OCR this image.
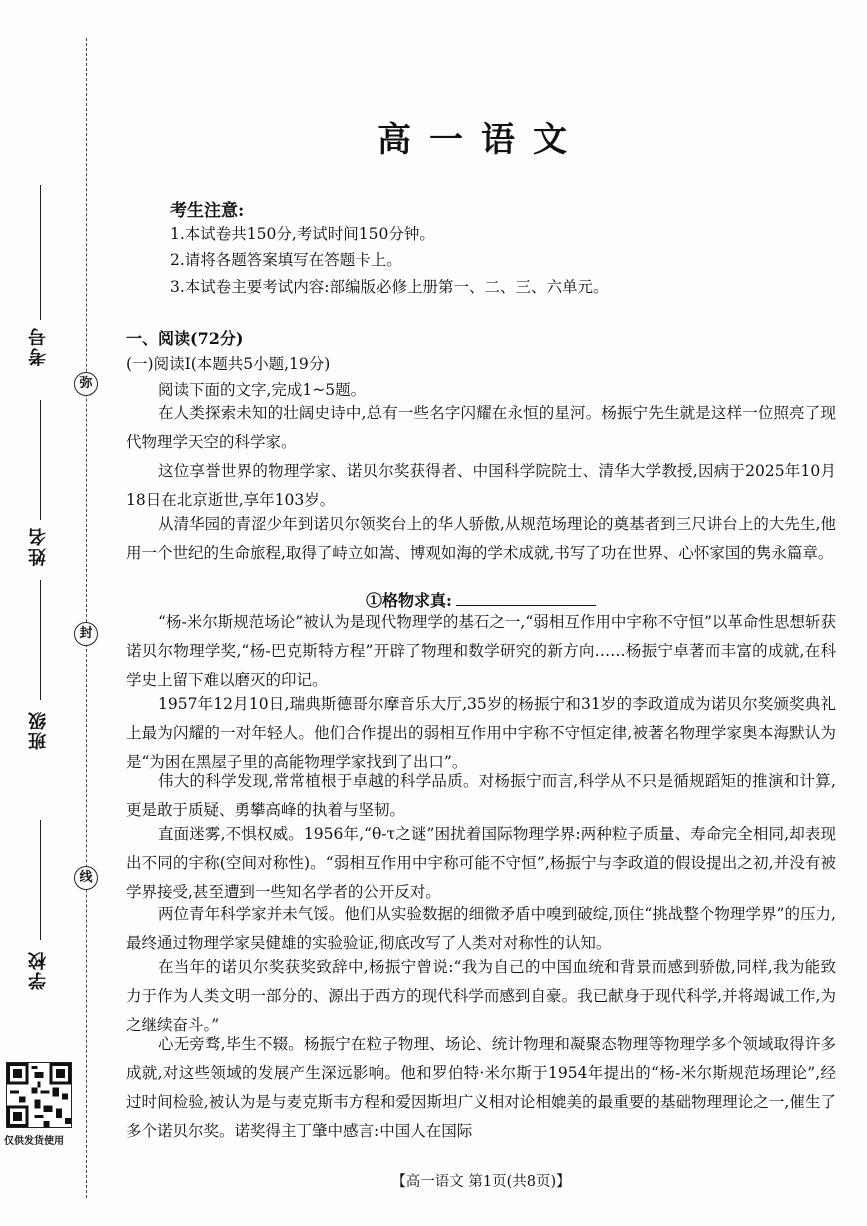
考号
姓名
班级
学校
弥
封
线
仅供发货使用
高一语文
考生注意:
1.本试卷共150分,考试时间150分钟。
2.请将各题答案填写在答题卡上。
3.本试卷主要考试内容:部编版必修上册第一、二、三、六单元。
一、阅读(72分)
(一)阅读Ⅰ(本题共5小题,19分)
阅读下面的文字,完成1~5题。

在人类探索未知的壮阔史诗中,总有一些名字闪耀在永恒的星河。杨振宁先生就是这样一位照亮了现代物理学天空的科学家。

这位享誉世界的物理学家、诺贝尔奖获得者、中国科学院院士、清华大学教授,因病于2025年10月18日在北京逝世,享年103岁。

从清华园的青涩少年到诺贝尔领奖台上的华人骄傲,从规范场理论的奠基者到三尺讲台上的大先生,他用一个世纪的生命旅程,取得了峙立如嵩、博观如海的学术成就,书写了功在世界、心怀家国的隽永篇章。

①格物求真:

“杨-米尔斯规范场论”被认为是现代物理学的基石之一,“弱相互作用中宇称不守恒”以革命性思想斩获诺贝尔物理学奖,“杨-巴克斯特方程”开辟了物理和数学研究的新方向……杨振宁卓著而丰富的成就,在科学史上留下难以磨灭的印记。

1957年12月10日,瑞典斯德哥尔摩音乐大厅,35岁的杨振宁和31岁的李政道成为诺贝尔奖颁奖典礼上最为闪耀的一对年轻人。他们合作提出的弱相互作用中宇称不守恒定律,被著名物理学家奥本海默认为是“为困在黑屋子里的高能物理学家找到了出口”。

伟大的科学发现,常常植根于卓越的科学品质。对杨振宁而言,科学从不只是循规蹈矩的推演和计算,更是敢于质疑、勇攀高峰的执着与坚韧。

直面迷雾,不惧权威。1956年,“θ-τ之谜”困扰着国际物理学界:两种粒子质量、寿命完全相同,却表现出不同的宇称(空间对称性)。“弱相互作用中宇称可能不守恒”,杨振宁与李政道的假设提出之初,并没有被学界接受,甚至遭到一些知名学者的公开反对。

两位青年科学家并未气馁。他们从实验数据的细微矛盾中嗅到破绽,顶住“挑战整个物理学界”的压力,最终通过物理学家吴健雄的实验验证,彻底改写了人类对对称性的认知。

在当年的诺贝尔奖获奖致辞中,杨振宁曾说:“我为自己的中国血统和背景而感到骄傲,同样,我为能致力于作为人类文明一部分的、源出于西方的现代科学而感到自豪。我已献身于现代科学,并将竭诚工作,为之继续奋斗。”

心无旁骛,毕生不辍。杨振宁在粒子物理、场论、统计物理和凝聚态物理等物理学多个领域取得许多成就,对这些领域的发展产生深远影响。他和罗伯特·米尔斯于1954年提出的“杨-米尔斯规范场理论”,经过时间检验,被认为是与麦克斯韦方程和爱因斯坦广义相对论相媲美的最重要的基础物理理论之一,催生了多个诺贝尔奖。诺奖得主丁肇中感言:中国人在国际

【高一语文 第1页(共8页)】
